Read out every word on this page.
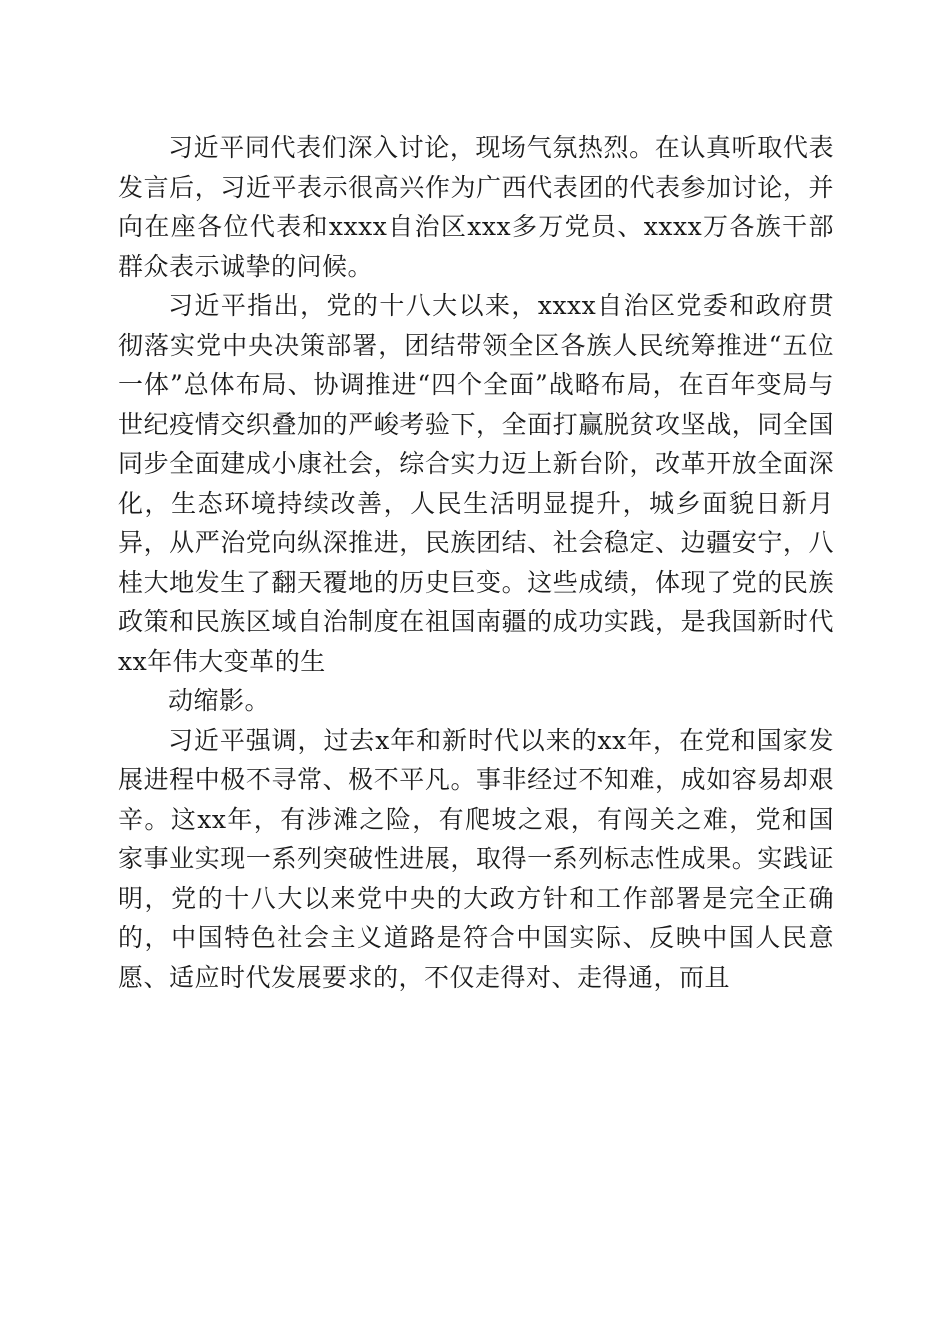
习近平同代表们深入讨论，现场气氛热烈。在认真听取代表发言后，习近平表示很高兴作为广西代表团的代表参加讨论，并向在座各位代表和xxxx自治区xxx多万党员、xxxx万各族干部群众表示诚挚的问候。

习近平指出，党的十八大以来，xxxx自治区党委和政府贯彻落实党中央决策部署，团结带领全区各族人民统筹推进“五位一体”总体布局、协调推进“四个全面”战略布局，在百年变局与世纪疫情交织叠加的严峻考验下，全面打赢脱贫攻坚战，同全国同步全面建成小康社会，综合实力迈上新台阶，改革开放全面深化，生态环境持续改善，人民生活明显提升，城乡面貌日新月异，从严治党向纵深推进，民族团结、社会稳定、边疆安宁，八桂大地发生了翻天覆地的历史巨变。这些成绩，体现了党的民族政策和民族区域自治制度在祖国南疆的成功实践，是我国新时代xx年伟大变革的生

动缩影。

习近平强调，过去x年和新时代以来的xx年，在党和国家发展进程中极不寻常、极不平凡。事非经过不知难，成如容易却艰辛。这xx年，有涉滩之险，有爬坡之艰，有闯关之难，党和国家事业实现一系列突破性进展，取得一系列标志性成果。实践证明，党的十八大以来党中央的大政方针和工作部署是完全正确的，中国特色社会主义道路是符合中国实际、反映中国人民意愿、适应时代发展要求的，不仅走得对、走得通，而且
